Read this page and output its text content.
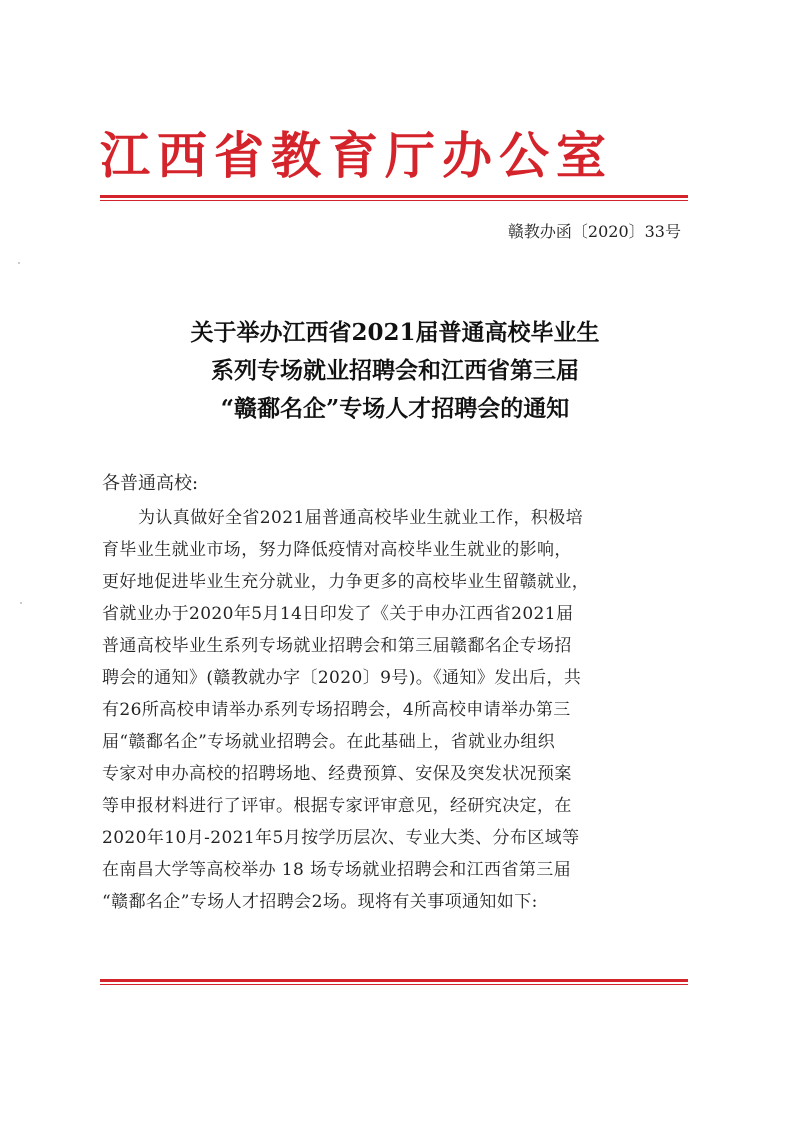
江西省教育厅办公室
赣教办函〔2020〕33号
关于举办江西省2021届普通高校毕业生
系列专场就业招聘会和江西省第三届
“赣鄱名企”专场人才招聘会的通知
各普通高校:
为认真做好全省2021届普通高校毕业生就业工作，积极培
育毕业生就业市场，努力降低疫情对高校毕业生就业的影响，
更好地促进毕业生充分就业，力争更多的高校毕业生留赣就业，
省就业办于2020年5月14日印发了《关于申办江西省2021届
普通高校毕业生系列专场就业招聘会和第三届赣鄱名企专场招
聘会的通知》(赣教就办字〔2020〕9号)。《通知》发出后，共
有26所高校申请举办系列专场招聘会，4所高校申请举办第三
届“赣鄱名企”专场就业招聘会。在此基础上，省就业办组织
专家对申办高校的招聘场地、经费预算、安保及突发状况预案
等申报材料进行了评审。根据专家评审意见，经研究决定，在
2020年10月-2021年5月按学历层次、专业大类、分布区域等
在南昌大学等高校举办 18 场专场就业招聘会和江西省第三届
“赣鄱名企”专场人才招聘会2场。现将有关事项通知如下:
